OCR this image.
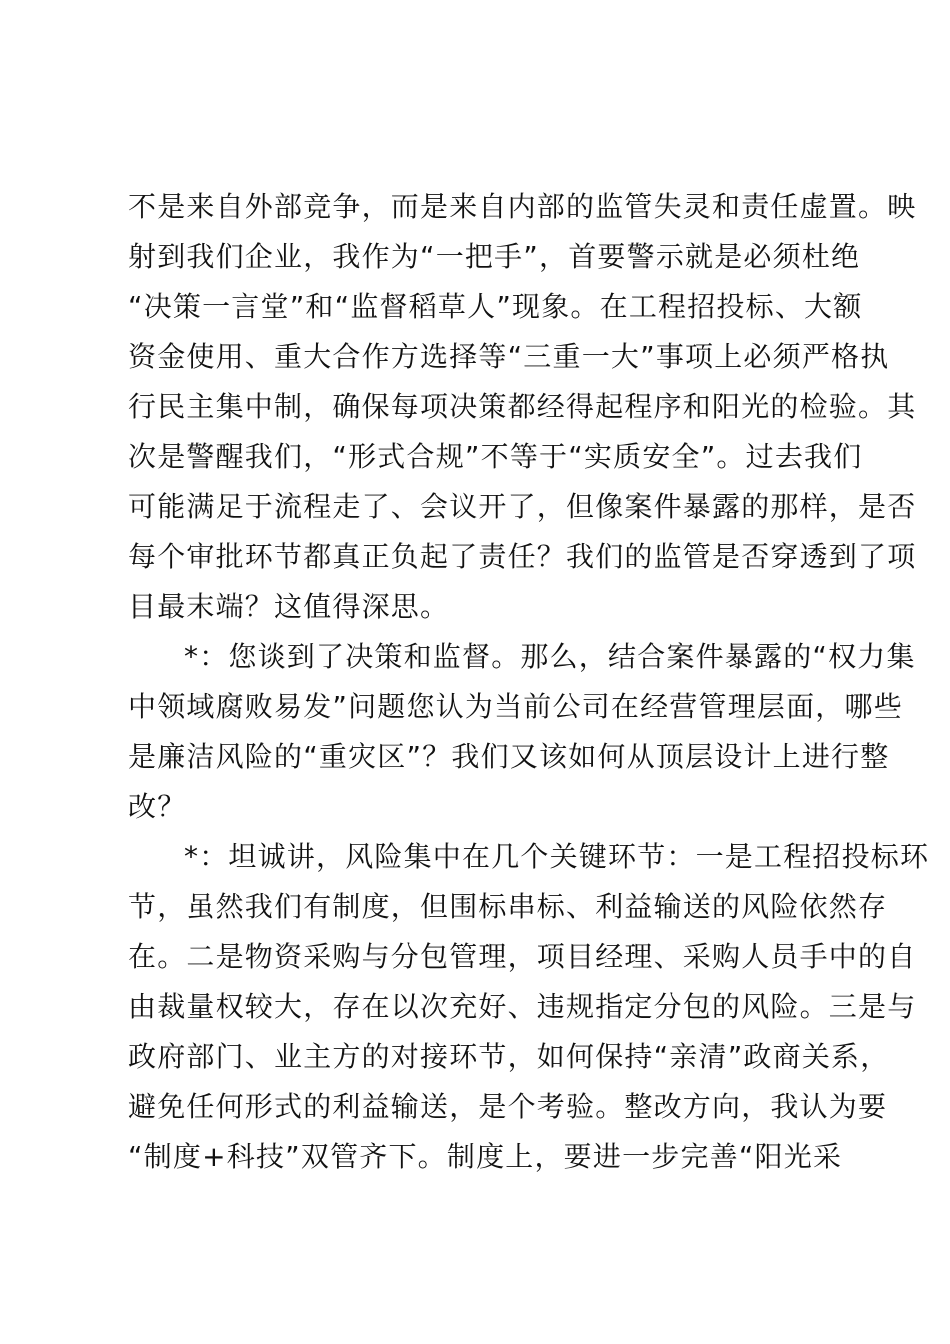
不是来自外部竞争，而是来自内部的监管失灵和责任虚置。映
射到我们企业，我作为“一把手”，首要警示就是必须杜绝
“决策一言堂”和“监督稻草人”现象。在工程招投标、大额
资金使用、重大合作方选择等“三重一大”事项上必须严格执
行民主集中制，确保每项决策都经得起程序和阳光的检验。其
次是警醒我们，“形式合规”不等于“实质安全”。过去我们
可能满足于流程走了、会议开了，但像案件暴露的那样，是否
每个审批环节都真正负起了责任？我们的监管是否穿透到了项
目最末端？这值得深思。
*：您谈到了决策和监督。那么，结合案件暴露的“权力集
中领域腐败易发”问题您认为当前公司在经营管理层面，哪些
是廉洁风险的“重灾区”？我们又该如何从顶层设计上进行整
改？
*：坦诚讲，风险集中在几个关键环节：一是工程招投标环
节，虽然我们有制度，但围标串标、利益输送的风险依然存
在。二是物资采购与分包管理，项目经理、采购人员手中的自
由裁量权较大，存在以次充好、违规指定分包的风险。三是与
政府部门、业主方的对接环节，如何保持“亲清”政商关系，
避免任何形式的利益输送，是个考验。整改方向，我认为要
“制度+科技”双管齐下。制度上，要进一步完善“阳光采
